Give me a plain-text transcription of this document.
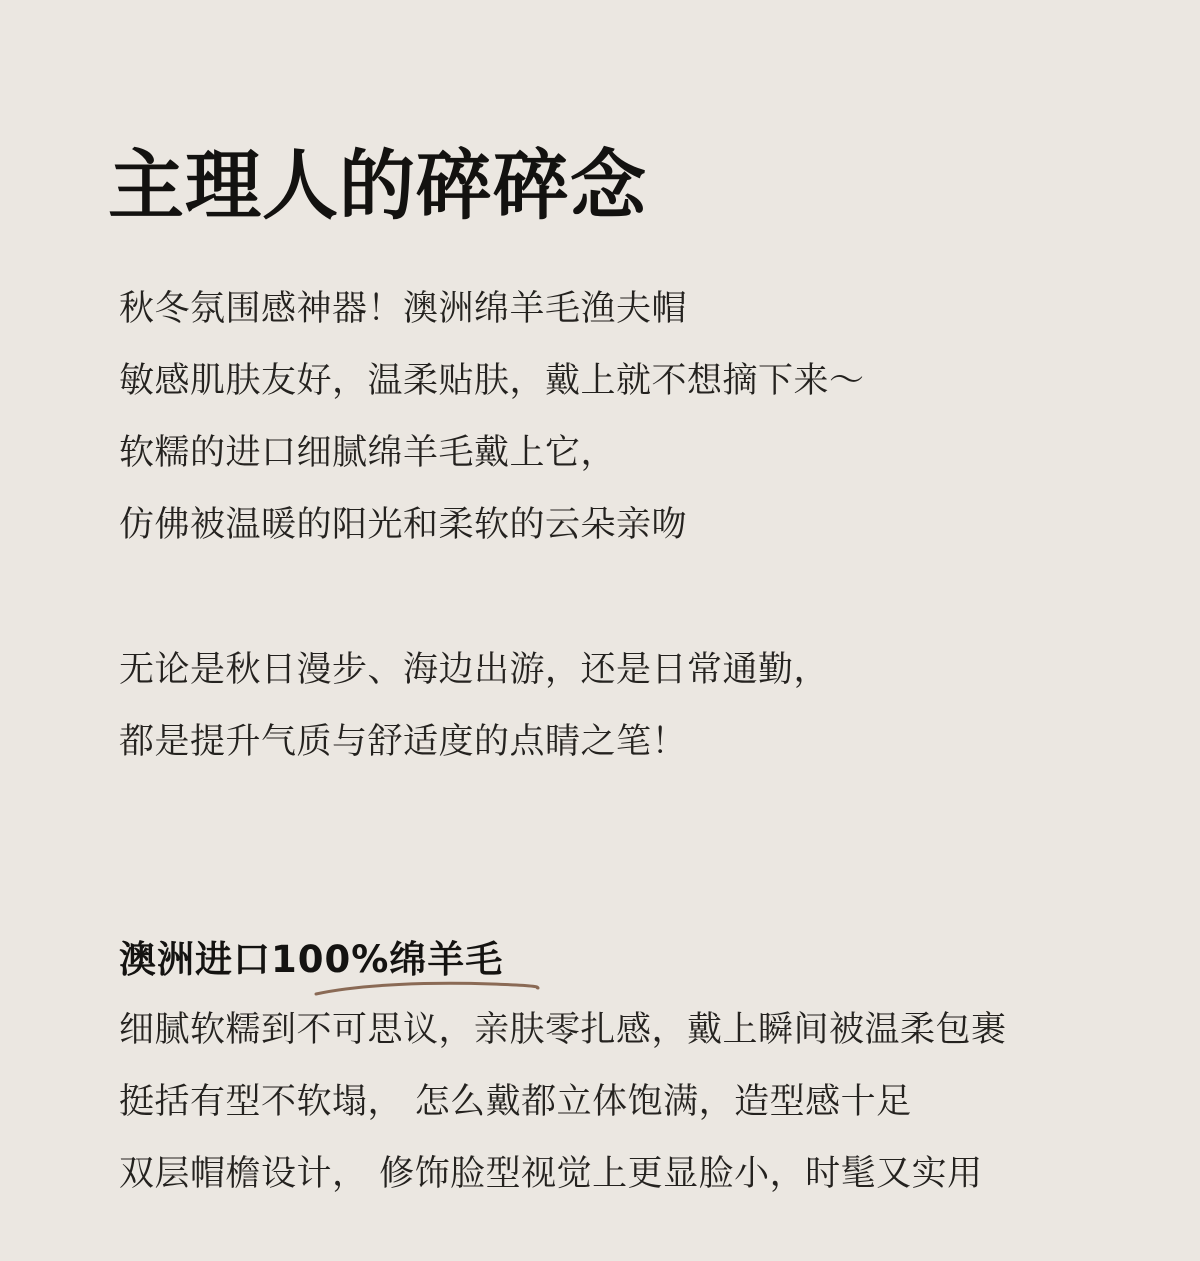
主理人的碎碎念
秋冬氛围感神器！澳洲绵羊毛渔夫帽
敏感肌肤友好，温柔贴肤，戴上就不想摘下来～
软糯的进口细腻绵羊毛戴上它，
仿佛被温暖的阳光和柔软的云朵亲吻
无论是秋日漫步、海边出游，还是日常通勤，
都是提升气质与舒适度的点睛之笔！
澳洲进口100%绵羊毛
细腻软糯到不可思议，亲肤零扎感，戴上瞬间被温柔包裹
挺括有型不软塌， 怎么戴都立体饱满，造型感十足
双层帽檐设计， 修饰脸型视觉上更显脸小，时髦又实用
